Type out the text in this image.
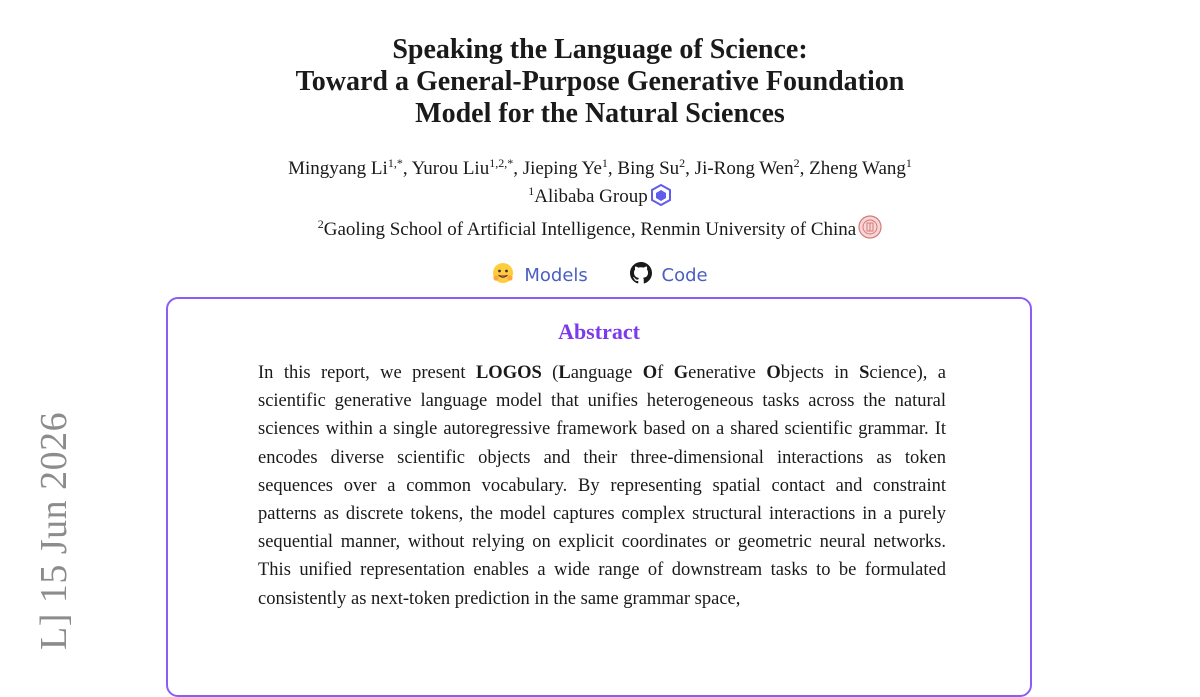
L] 15 Jun 2026
Speaking the Language of Science:
Toward a General-Purpose Generative Foundation
Model for the Natural Sciences
Mingyang $Li^{1,*}$, Yurou Liu$^{1,2,*}$, Jieping Ye$^1$, Bing Su$^2$, Ji-Rong Wen$^2$, Zheng Wang$^1$
$^1$Alibaba Group
$^2$Gaoling School of Artificial Intelligence, Renmin University of China
Models
	Code
Abstract

In this report, we present LOGOS (Language Of Generative Objects in Science), a scientific generative language model that unifies heterogeneous tasks across the natural sciences within a single autoregressive framework based on a shared scientific grammar. It encodes diverse scientific objects and their three-dimensional interactions as token sequences over a common vocabulary. By representing spatial contact and constraint patterns as discrete tokens, the model captures complex structural interactions in a purely sequential manner, without relying on explicit coordinates or geometric neural networks. This unified representation enables a wide range of downstream tasks to be formulated consistently as next-token prediction in the same grammar space,
